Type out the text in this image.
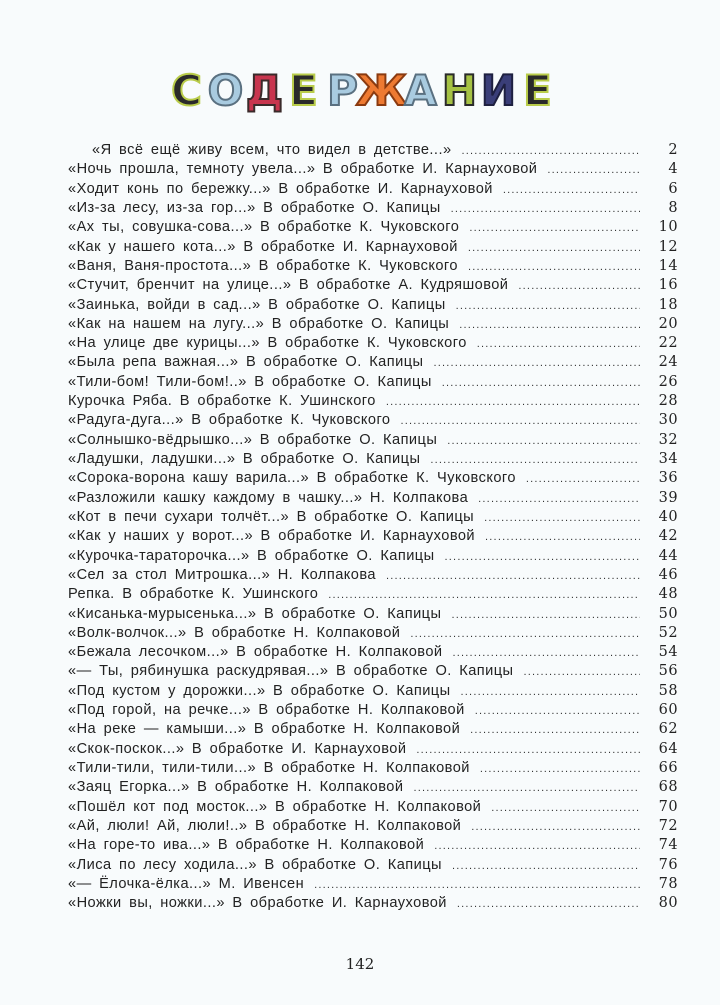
С О Д Е Р
Ж
А Н И Е
«Я всё ещё живу всем, что видел в детстве...» .....	2
«Ночь прошла, темноту увела...» В обработке И. Карнауховой .....	4
«Ходит конь по бережку...» В обработке И. Карнауховой .....	6
«Из-за лесу, из-за гор...» В обработке О. Капицы .....	8
«Ах ты, совушка-сова...» В обработке К. Чуковского .....	10
«Как у нашего кота...» В обработке И. Карнауховой .....	12
«Ваня, Ваня-простота...» В обработке К. Чуковского .....	14
«Стучит, бренчит на улице...» В обработке А. Кудряшовой .....	16
«Заинька, войди в сад...» В обработке О. Капицы .....	18
«Как на нашем на лугу...» В обработке О. Капицы .....	20
«На улице две курицы...» В обработке К. Чуковского .....	22
«Была репа важная...» В обработке О. Капицы .....	24
«Тили-бом! Тили-бом!..» В обработке О. Капицы .....	26
Курочка Ряба. В обработке К. Ушинского .....	28
«Радуга-дуга...» В обработке К. Чуковского .....	30
«Солнышко-вёдрышко...» В обработке О. Капицы .....	32
«Ладушки, ладушки...» В обработке О. Капицы .....	34
«Сорока-ворона кашу варила...» В обработке К. Чуковского .....	36
«Разложили кашку каждому в чашку...» Н. Колпакова .....	39
«Кот в печи сухари толчёт...» В обработке О. Капицы .....	40
«Как у наших у ворот...» В обработке И. Карнауховой .....	42
«Курочка-тараторочка...» В обработке О. Капицы .....	44
«Сел за стол Митрошка...» Н. Колпакова .....	46
Репка. В обработке К. Ушинского .....	48
«Кисанька-мурысенька...» В обработке О. Капицы .....	50
«Волк-волчок...» В обработке Н. Колпаковой .....	52
«Бежала лесочком...» В обработке Н. Колпаковой .....	54
«— Ты, рябинушка раскудрявая...» В обработке О. Капицы .....	56
«Под кустом у дорожки...» В обработке О. Капицы .....	58
«Под горой, на речке...» В обработке Н. Колпаковой .....	60
«На реке — камыши...» В обработке Н. Колпаковой .....	62
«Скок-поскок...» В обработке И. Карнауховой .....	64
«Тили-тили, тили-тили...» В обработке Н. Колпаковой .....	66
«Заяц Егорка...» В обработке Н. Колпаковой .....	68
«Пошёл кот под мосток...» В обработке Н. Колпаковой .....	70
«Ай, люли! Ай, люли!..» В обработке Н. Колпаковой .....	72
«На горе-то ива...» В обработке Н. Колпаковой .....	74
«Лиса по лесу ходила...» В обработке О. Капицы .....	76
«— Ёлочка-ёлка...» М. Ивенсен .....	78
«Ножки вы, ножки...» В обработке И. Карнауховой .....	80
142
